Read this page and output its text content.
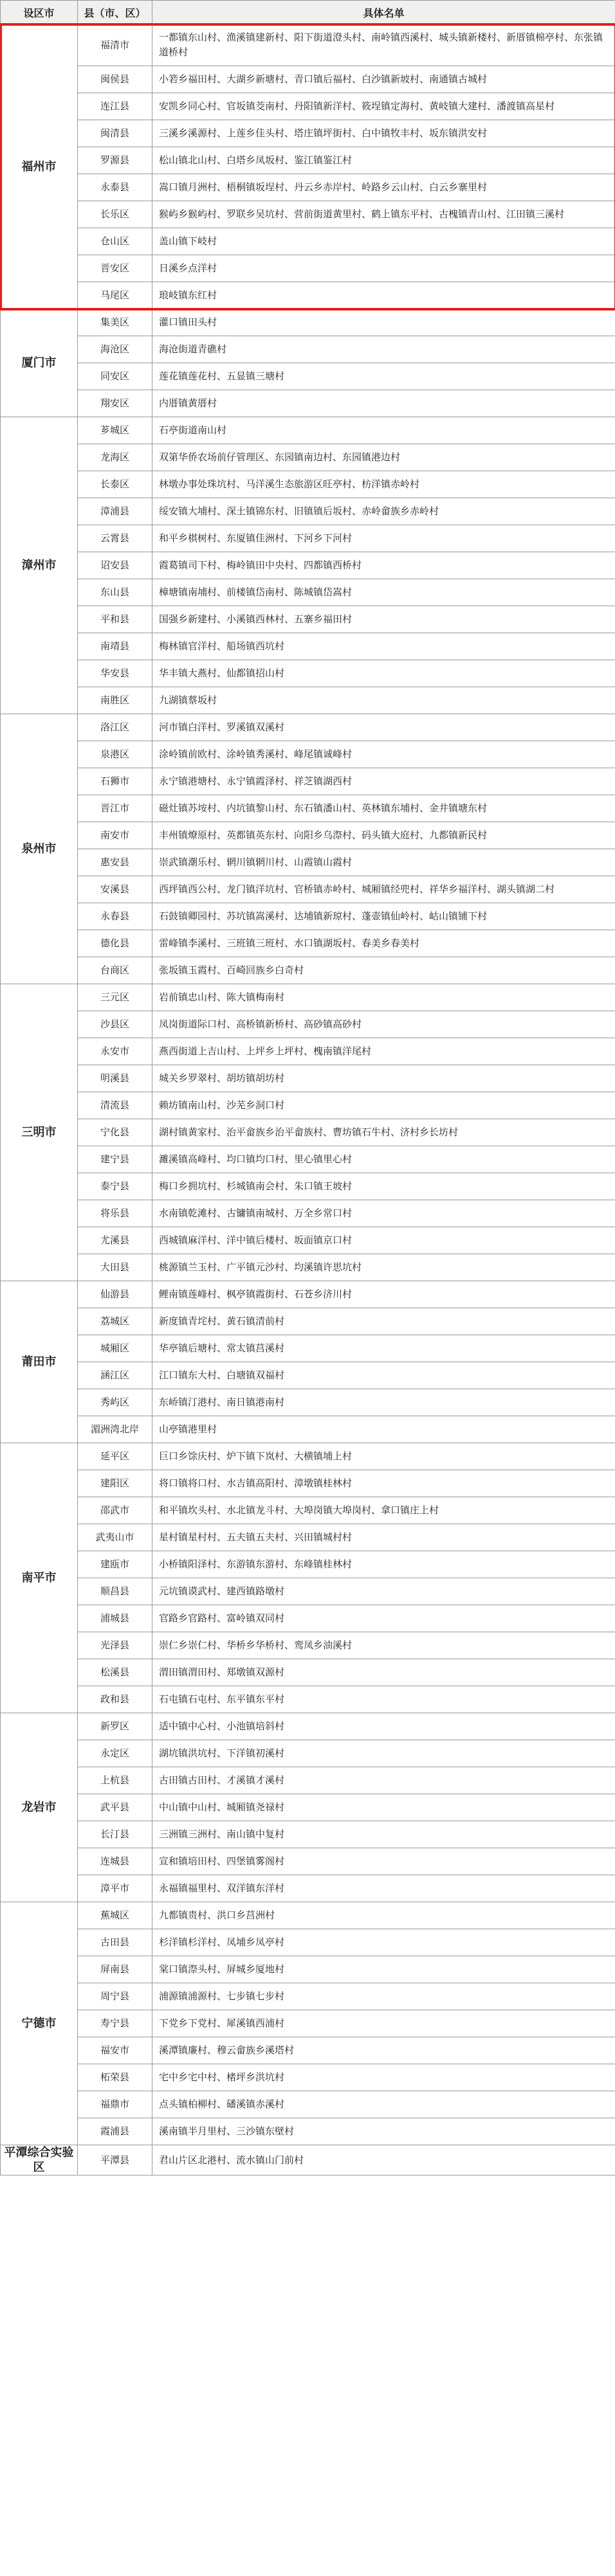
设区市	县（市、区）	具体名单
福州市	福清市	一都镇东山村、渔溪镇建新村、阳下街道澄头村、南岭镇西溪村、城头镇新楼村、新厝镇棉亭村、东张镇道桥村
	闽侯县	小箬乡福田村、大湖乡新塘村、青口镇后福村、白沙镇新坡村、南通镇古城村
	连江县	安凯乡同心村、官坂镇茭南村、丹阳镇新洋村、筱埕镇定海村、黄岐镇大建村、潘渡镇高星村
	闽清县	三溪乡溪源村、上莲乡佳头村、塔庄镇坪街村、白中镇牧丰村、坂东镇洪安村
	罗源县	松山镇北山村、白塔乡凤坂村、鉴江镇鉴江村
	永泰县	嵩口镇月洲村、梧桐镇坂埕村、丹云乡赤岸村、岭路乡云山村、白云乡寨里村
	长乐区	猴屿乡猴屿村、罗联乡吴坑村、营前街道黄里村、鹤上镇东平村、古槐镇青山村、江田镇三溪村
	仓山区	盖山镇下岐村
	晋安区	日溪乡点洋村
	马尾区	琅岐镇东红村
厦门市	集美区	灌口镇田头村
	海沧区	海沧街道青礁村
	同安区	莲花镇莲花村、五显镇三塘村
	翔安区	内厝镇黄厝村
漳州市	芗城区	石亭街道南山村
	龙海区	双第华侨农场前仔管理区、东园镇南边村、东园镇港边村
	长泰区	林墩办事处珠坑村、马洋溪生态旅游区旺亭村、枋洋镇赤岭村
	漳浦县	绥安镇大埔村、深土镇锦东村、旧镇镇后坂村、赤岭畲族乡赤岭村
	云霄县	和平乡棋树村、东厦镇佳洲村、下河乡下河村
	诏安县	霞葛镇司下村、梅岭镇田中央村、四都镇西桥村
	东山县	樟塘镇南埔村、前楼镇岱南村、陈城镇岱嵩村
	平和县	国强乡新建村、小溪镇西林村、五寨乡福田村
	南靖县	梅林镇官洋村、船场镇西坑村
	华安县	华丰镇大燕村、仙都镇招山村
	南胜区	九湖镇蔡坂村
泉州市	洛江区	河市镇白洋村、罗溪镇双溪村
	泉港区	涂岭镇前欧村、涂岭镇秀溪村、峰尾镇诚峰村
	石狮市	永宁镇港塘村、永宁镇霞泽村、祥芝镇湖西村
	晋江市	磁灶镇苏垵村、内坑镇黎山村、东石镇潘山村、英林镇东埔村、金井镇塘东村
	南安市	丰州镇燎原村、英都镇英东村、向阳乡乌漈村、码头镇大庭村、九都镇新民村
	惠安县	崇武镇潮乐村、辋川镇辋川村、山霞镇山霞村
	安溪县	西坪镇西公村、龙门镇洋坑村、官桥镇赤岭村、城厢镇经兜村、祥华乡福洋村、湖头镇湖二村
	永春县	石鼓镇卿园村、苏坑镇嵩溪村、达埔镇新琼村、蓬壶镇仙岭村、岵山镇铺下村
	德化县	雷峰镇李溪村、三班镇三班村、水口镇湖坂村、春美乡春美村
	台商区	张坂镇玉霞村、百崎回族乡白奇村
三明市	三元区	岩前镇忠山村、陈大镇梅南村
	沙县区	凤岗街道际口村、高桥镇新桥村、高砂镇高砂村
	永安市	燕西街道上吉山村、上坪乡上坪村、槐南镇洋尾村
	明溪县	城关乡罗翠村、胡坊镇胡坊村
	清流县	赖坊镇南山村、沙芜乡洞口村
	宁化县	湖村镇黄家村、治平畲族乡治平畲族村、曹坊镇石牛村、济村乡长坊村
	建宁县	濉溪镇高峰村、均口镇均口村、里心镇里心村
	泰宁县	梅口乡拥坑村、杉城镇南会村、朱口镇王坡村
	将乐县	水南镇乾滩村、古镛镇南城村、万全乡常口村
	尤溪县	西城镇麻洋村、洋中镇后楼村、坂面镇京口村
	大田县	桃源镇兰玉村、广平镇元沙村、均溪镇许思坑村
莆田市	仙游县	鲤南镇莲峰村、枫亭镇霞街村、石苍乡济川村
	荔城区	新度镇青垞村、黄石镇清前村
	城厢区	华亭镇后塘村、常太镇莒溪村
	涵江区	江口镇东大村、白塘镇双福村
	秀屿区	东峤镇汀港村、南日镇港南村
	湄洲湾北岸	山亭镇港里村
南平市	延平区	巨口乡馀庆村、炉下镇下岚村、大横镇埔上村
	建阳区	将口镇将口村、水吉镇高阳村、漳墩镇桂林村
	邵武市	和平镇坎头村、水北镇龙斗村、大埠岗镇大埠岗村、拿口镇庄上村
	武夷山市	星村镇星村村、五夫镇五夫村、兴田镇城村村
	建瓯市	小桥镇阳泽村、东游镇东游村、东峰镇桂林村
	顺昌县	元坑镇谟武村、建西镇路墩村
	浦城县	官路乡官路村、富岭镇双同村
	光泽县	崇仁乡崇仁村、华桥乡华桥村、鸾凤乡油溪村
	松溪县	渭田镇渭田村、郑墩镇双源村
	政和县	石屯镇石屯村、东平镇东平村
龙岩市	新罗区	适中镇中心村、小池镇培斜村
	永定区	湖坑镇洪坑村、下洋镇初溪村
	上杭县	古田镇古田村、才溪镇才溪村
	武平县	中山镇中山村、城厢镇尧禄村
	长汀县	三洲镇三洲村、南山镇中复村
	连城县	宣和镇培田村、四堡镇雾阁村
	漳平市	永福镇福里村、双洋镇东洋村
宁德市	蕉城区	九都镇贵村、洪口乡莒洲村
	古田县	杉洋镇杉洋村、凤埔乡凤亭村
	屏南县	棠口镇漈头村、屏城乡厦地村
	周宁县	浦源镇浦源村、七步镇七步村
	寿宁县	下党乡下党村、犀溪镇西浦村
	福安市	溪潭镇廉村、穆云畲族乡溪塔村
	柘荣县	宅中乡宅中村、楮坪乡洪坑村
	福鼎市	点头镇柏柳村、磻溪镇赤溪村
	霞浦县	溪南镇半月里村、三沙镇东壁村
平潭综合实验区	平潭县	君山片区北港村、流水镇山门前村
